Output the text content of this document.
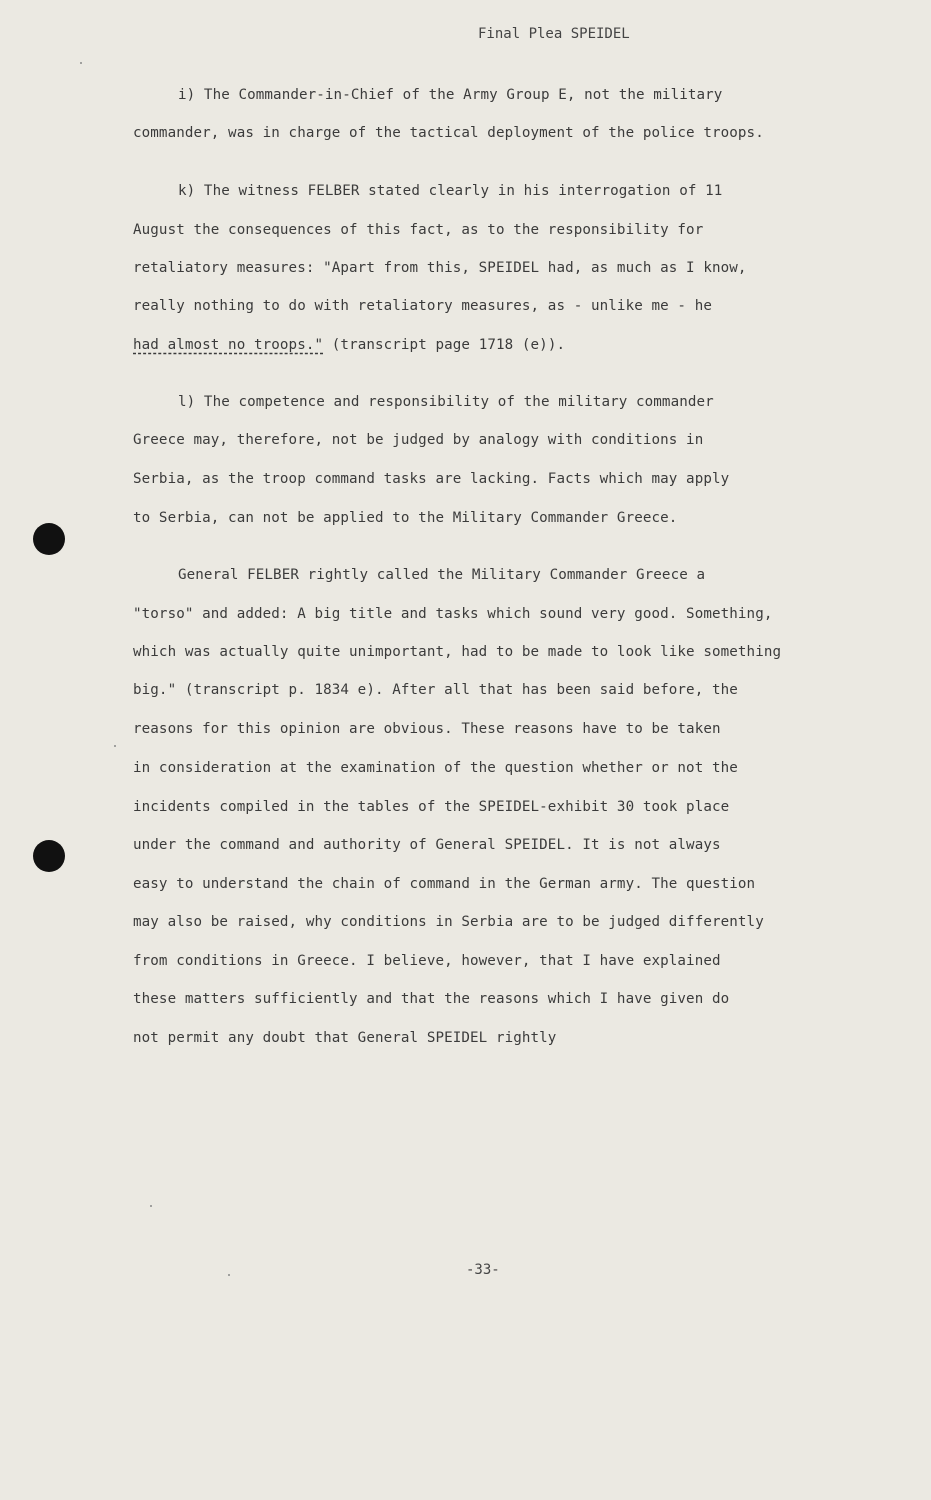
Final Plea SPEIDEL
i) The Commander-in-Chief of the Army Group E, not the military
commander, was in charge of the tactical deployment of the police troops.
k) The witness FELBER stated clearly in his interrogation of 11
August the consequences of this fact, as to the responsibility for
retaliatory measures: "Apart from this, SPEIDEL had, as much as I know,
really nothing to do with retaliatory measures, as - unlike me - he
had almost no troops." (transcript page 1718 (e)).
l) The competence and responsibility of the military commander
Greece may, therefore, not be judged by analogy with conditions in
Serbia, as the troop command tasks are lacking. Facts which may apply
to Serbia, can not be applied to the Military Commander Greece.
General FELBER rightly called the Military Commander Greece a
"torso" and added: A big title and tasks which sound very good. Something,
which was actually quite unimportant, had to be made to look like something
big." (transcript p. 1834 e). After all that has been said before, the
reasons for this opinion are obvious. These reasons have to be taken
in consideration at the examination of the question whether or not the
incidents compiled in the tables of the SPEIDEL-exhibit 30 took place
under the command and authority of General SPEIDEL. It is not always
easy to understand the chain of command in the German army. The question
may also be raised, why conditions in Serbia are to be judged differently
from conditions in Greece. I believe, however, that I have explained
these matters sufficiently and that the reasons which I have given do
not permit any doubt that General SPEIDEL rightly
-33-
